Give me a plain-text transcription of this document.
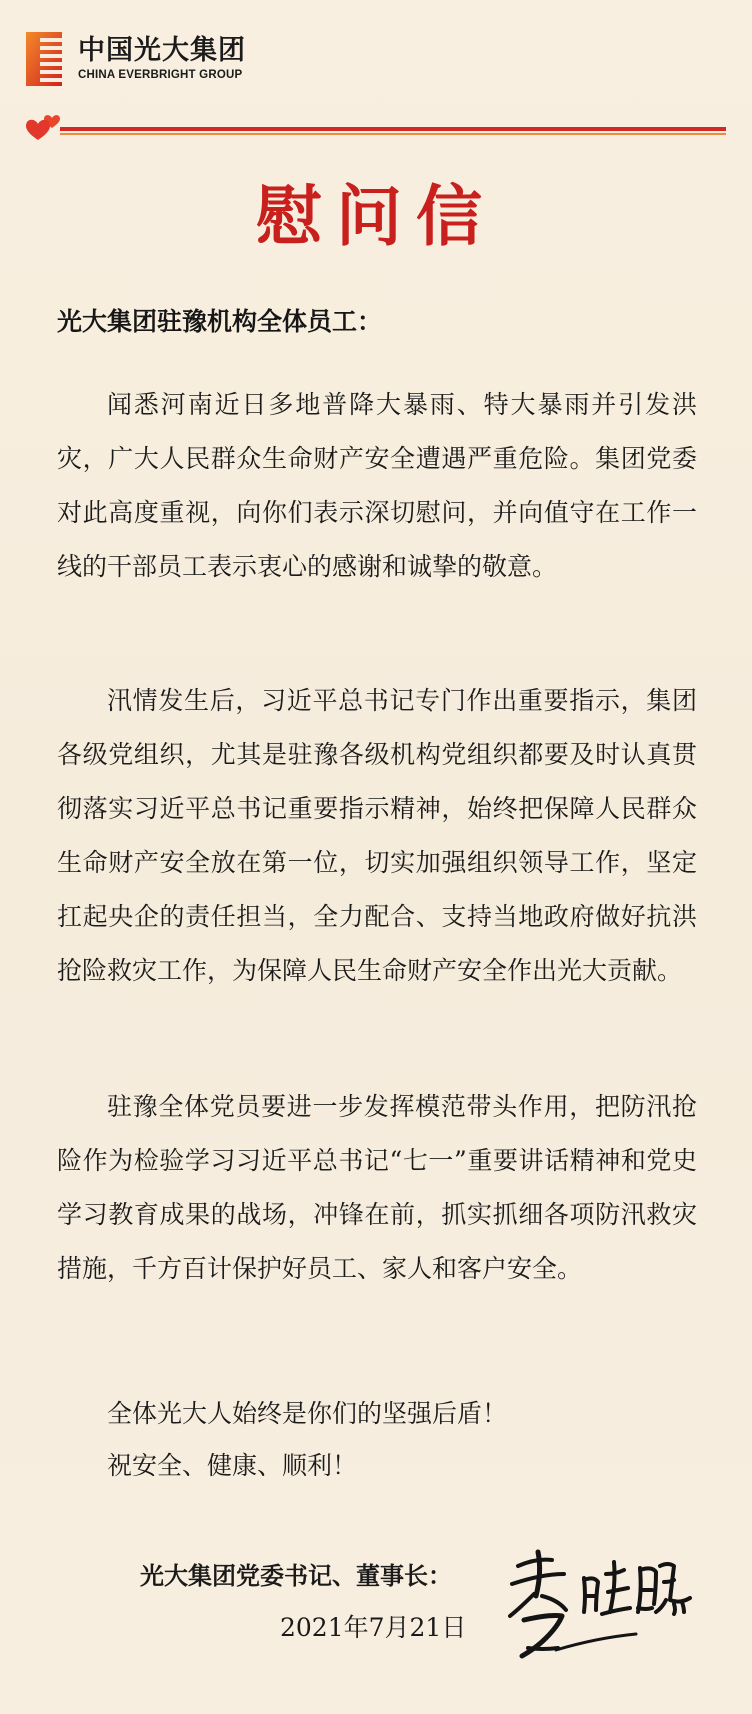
中国光大集团
CHINA EVERBRIGHT GROUP
慰问信
光大集团驻豫机构全体员工：

闻悉河南近日多地普降大暴雨、特大暴雨并引发洪灾，广大人民群众生命财产安全遭遇严重危险。集团党委对此高度重视，向你们表示深切慰问，并向值守在工作一线的干部员工表示衷心的感谢和诚挚的敬意。

汛情发生后，习近平总书记专门作出重要指示，集团各级党组织，尤其是驻豫各级机构党组织都要及时认真贯彻落实习近平总书记重要指示精神，始终把保障人民群众生命财产安全放在第一位，切实加强组织领导工作，坚定扛起央企的责任担当，全力配合、支持当地政府做好抗洪抢险救灾工作，为保障人民生命财产安全作出光大贡献。

驻豫全体党员要进一步发挥模范带头作用，把防汛抢险作为检验学习习近平总书记“七一”重要讲话精神和党史学习教育成果的战场，冲锋在前，抓实抓细各项防汛救灾措施，千方百计保护好员工、家人和客户安全。

全体光大人始终是你们的坚强后盾！

祝安全、健康、顺利！

光大集团党委书记、董事长：
2021年7月21日
